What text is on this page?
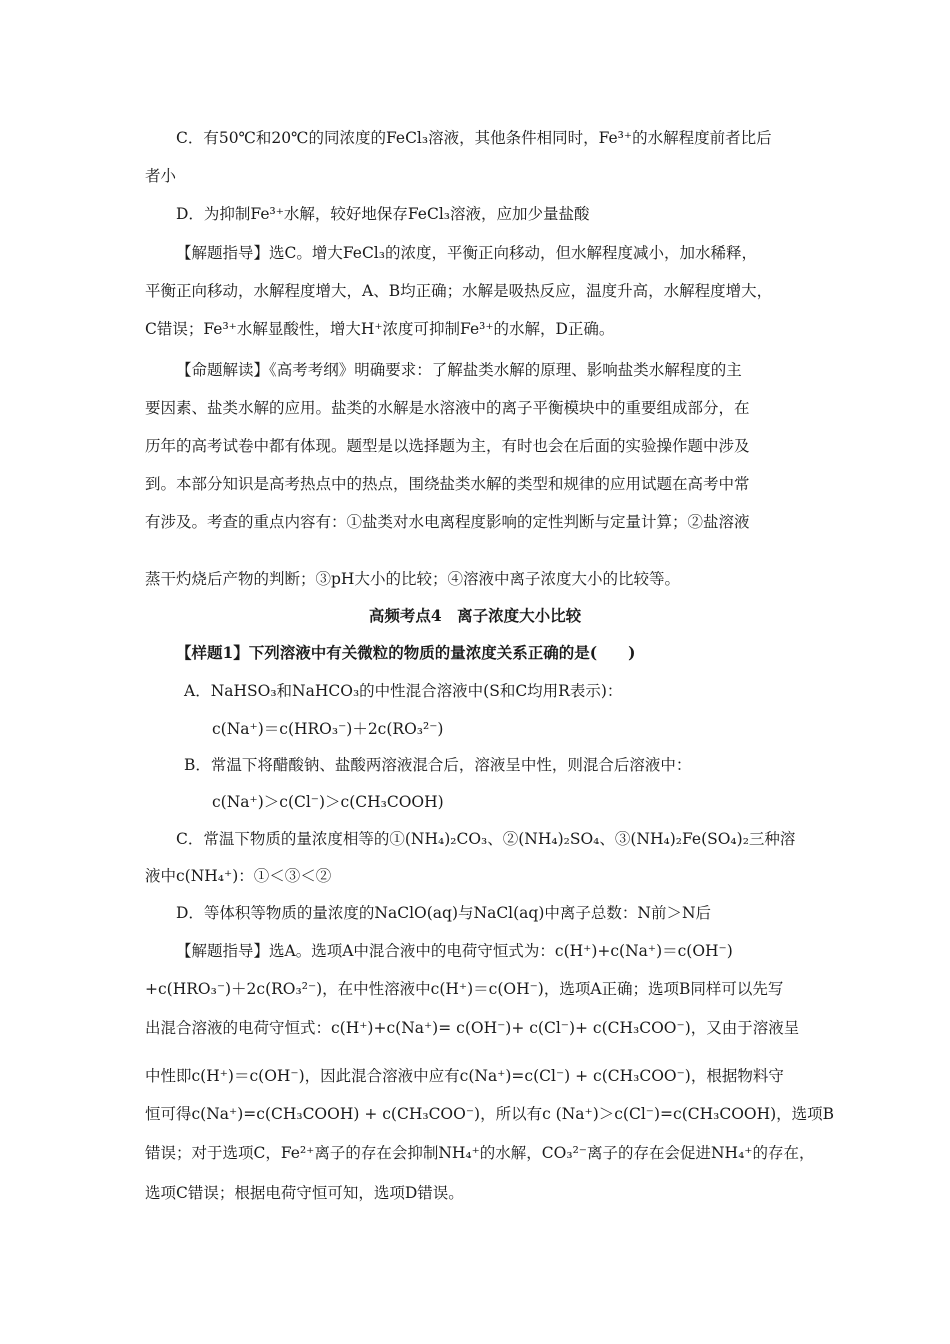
C．有50℃和20℃的同浓度的FeCl₃溶液，其他条件相同时，Fe³⁺的水解程度前者比后
者小
D．为抑制Fe³⁺水解，较好地保存FeCl₃溶液，应加少量盐酸
【解题指导】选C。增大FeCl₃的浓度，平衡正向移动，但水解程度减小，加水稀释，
平衡正向移动，水解程度增大，A、B均正确；水解是吸热反应，温度升高，水解程度增大，
C错误；Fe³⁺水解显酸性，增大H⁺浓度可抑制Fe³⁺的水解，D正确。
【命题解读】《高考考纲》明确要求：了解盐类水解的原理、影响盐类水解程度的主
要因素、盐类水解的应用。盐类的水解是水溶液中的离子平衡模块中的重要组成部分，在
历年的高考试卷中都有体现。题型是以选择题为主，有时也会在后面的实验操作题中涉及
到。本部分知识是高考热点中的热点，围绕盐类水解的类型和规律的应用试题在高考中常
有涉及。考查的重点内容有：①盐类对水电离程度影响的定性判断与定量计算；②盐溶液
蒸干灼烧后产物的判断；③pH大小的比较；④溶液中离子浓度大小的比较等。
高频考点4　离子浓度大小比较
【样题1】下列溶液中有关微粒的物质的量浓度关系正确的是(　　)
A．NaHSO₃和NaHCO₃的中性混合溶液中(S和C均用R表示)：
c(Na⁺)＝c(HRO₃⁻)＋2c(RO₃²⁻)
B．常温下将醋酸钠、盐酸两溶液混合后，溶液呈中性，则混合后溶液中：
c(Na⁺)＞c(Cl⁻)＞c(CH₃COOH)
C．常温下物质的量浓度相等的①(NH₄)₂CO₃、②(NH₄)₂SO₄、③(NH₄)₂Fe(SO₄)₂三种溶
液中c(NH₄⁺)：①＜③＜②
D．等体积等物质的量浓度的NaClO(aq)与NaCl(aq)中离子总数：N前＞N后
【解题指导】选A。选项A中混合液中的电荷守恒式为：c(H⁺)+c(Na⁺)＝c(OH⁻)
+c(HRO₃⁻)＋2c(RO₃²⁻)，在中性溶液中c(H⁺)＝c(OH⁻)，选项A正确；选项B同样可以先写
出混合溶液的电荷守恒式：c(H⁺)+c(Na⁺)= c(OH⁻)+ c(Cl⁻)+ c(CH₃COO⁻)，又由于溶液呈
中性即c(H⁺)＝c(OH⁻)，因此混合溶液中应有c(Na⁺)=c(Cl⁻) + c(CH₃COO⁻)，根据物料守
恒可得c(Na⁺)=c(CH₃COOH) + c(CH₃COO⁻)，所以有c (Na⁺)＞c(Cl⁻)=c(CH₃COOH)，选项B
错误；对于选项C，Fe²⁺离子的存在会抑制NH₄⁺的水解，CO₃²⁻离子的存在会促进NH₄⁺的存在，
选项C错误；根据电荷守恒可知，选项D错误。
